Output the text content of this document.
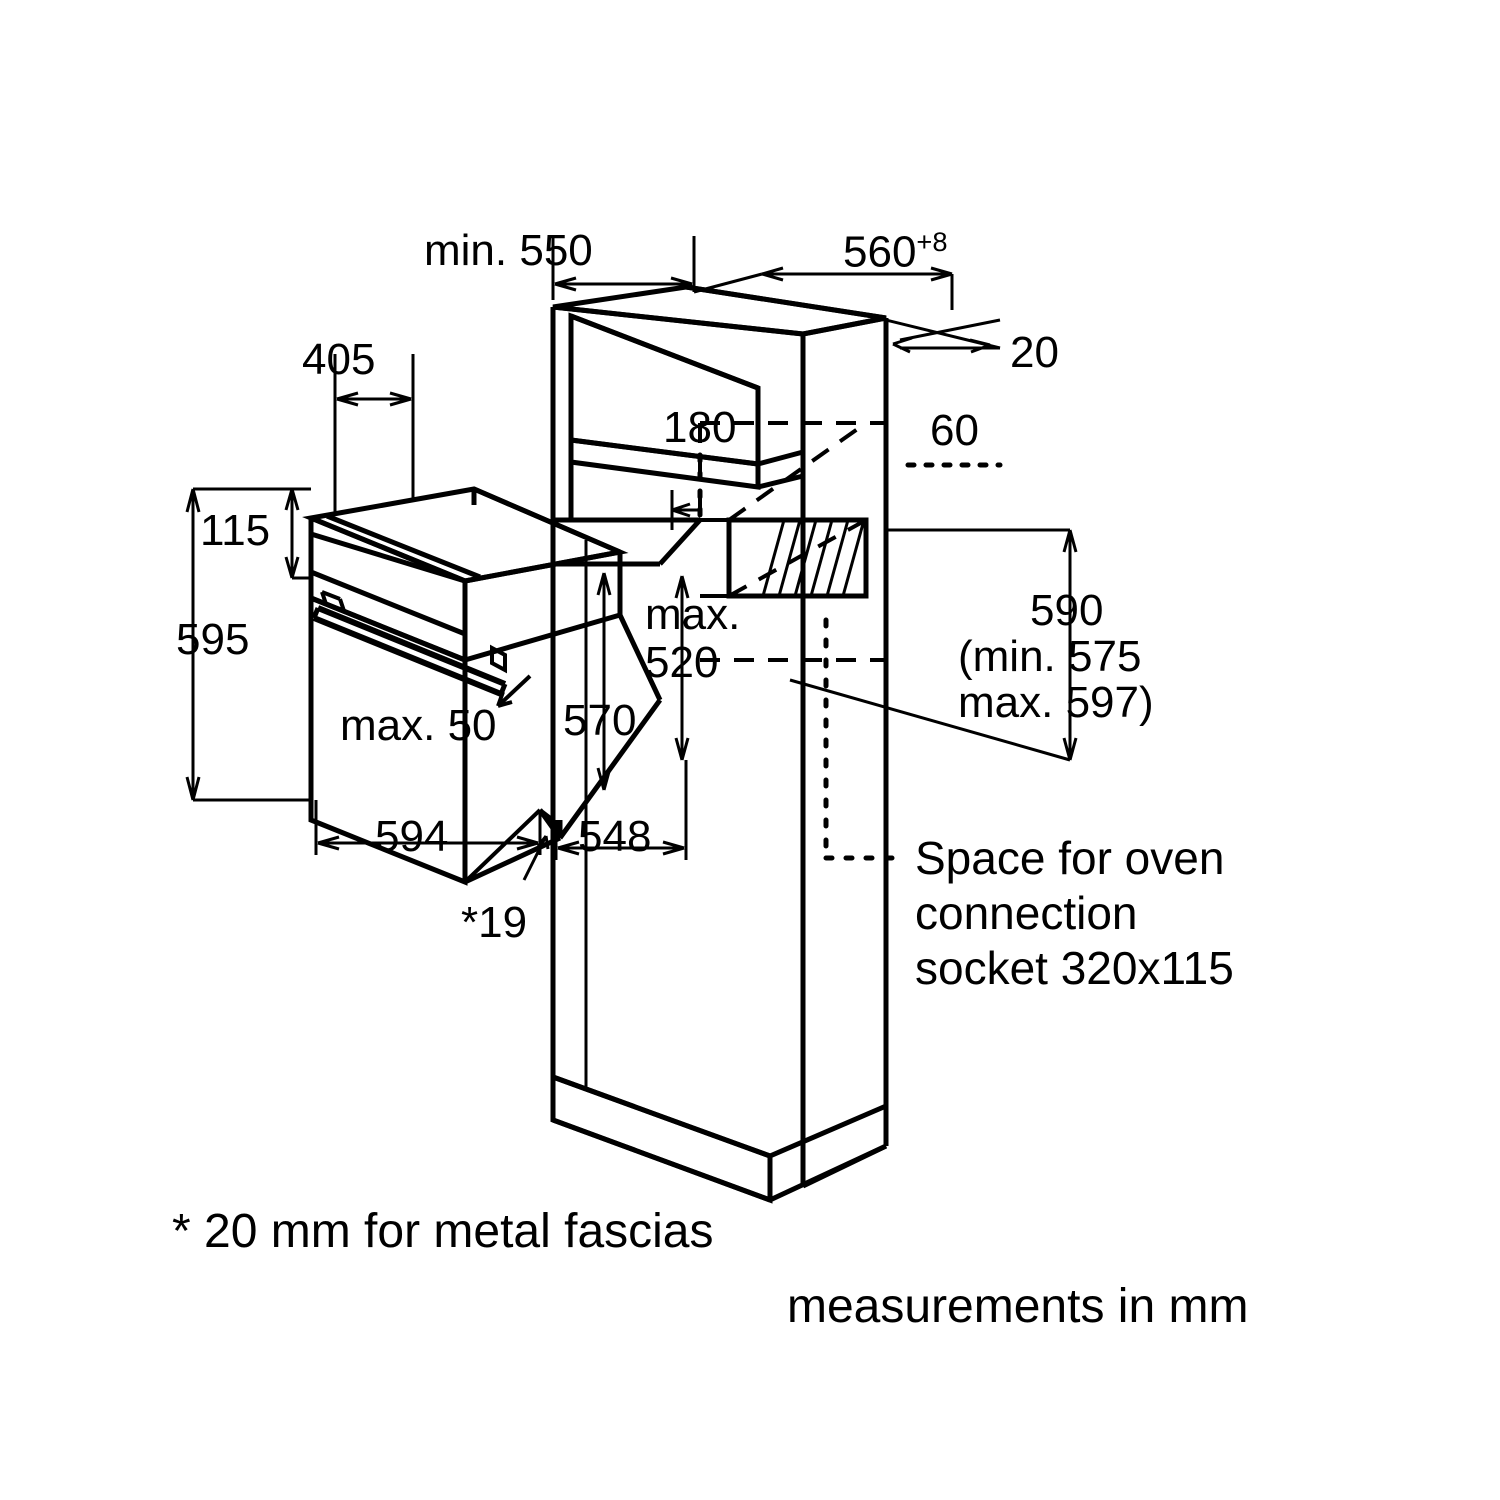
min. 550	$560^{+8}$
20
60
180
405
115
595
max. 50 570
max.
520
594	548
*19
590
(min. 575
max. 597)
Space for oven
connection
socket 320x115
* 20 mm for metal fascias
measurements in mm
